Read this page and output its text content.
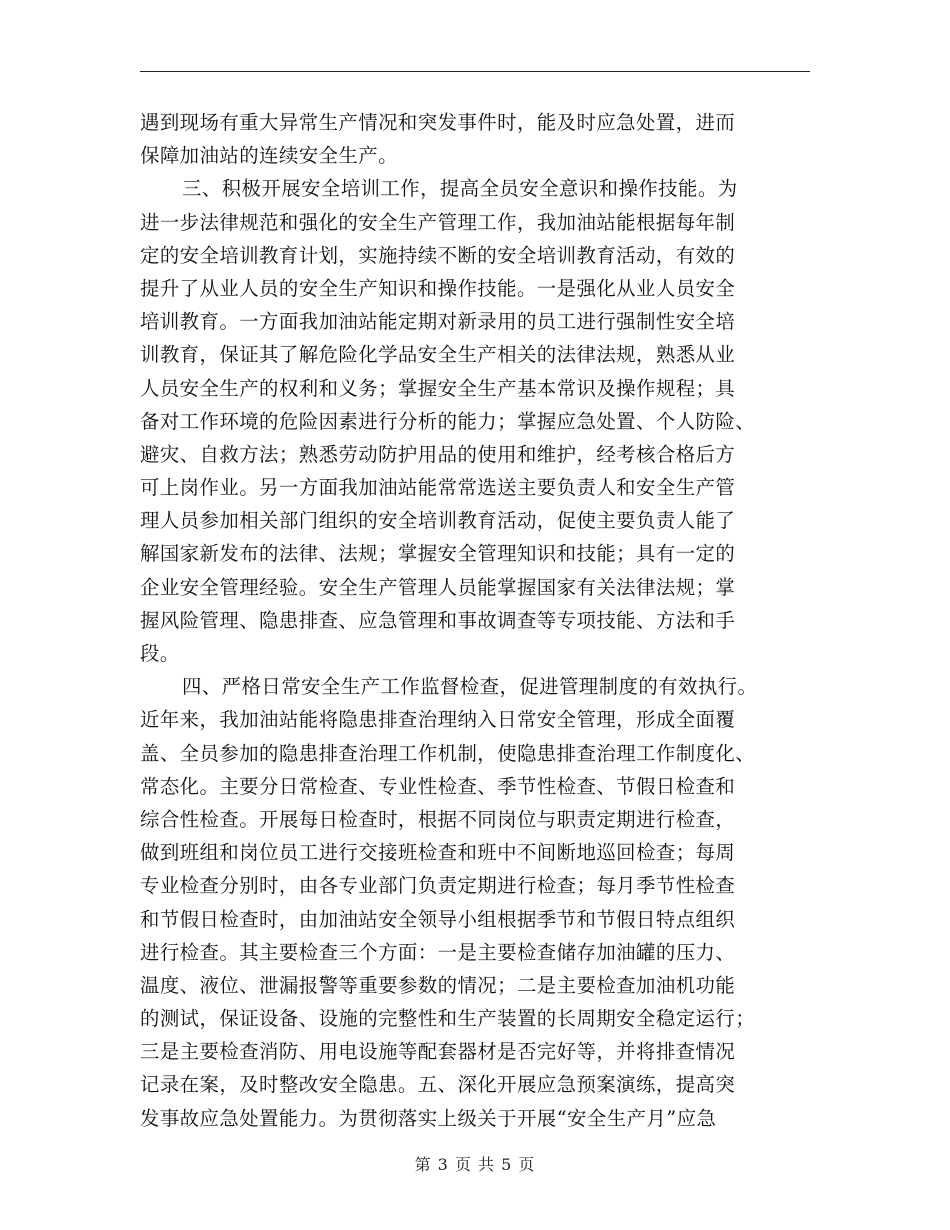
遇到现场有重大异常生产情况和突发事件时，能及时应急处置，进而
保障加油站的连续安全生产。
三、积极开展安全培训工作，提高全员安全意识和操作技能。为
进一步法律规范和强化的安全生产管理工作，我加油站能根据每年制
定的安全培训教育计划，实施持续不断的安全培训教育活动，有效的
提升了从业人员的安全生产知识和操作技能。一是强化从业人员安全
培训教育。一方面我加油站能定期对新录用的员工进行强制性安全培
训教育，保证其了解危险化学品安全生产相关的法律法规，熟悉从业
人员安全生产的权利和义务；掌握安全生产基本常识及操作规程；具
备对工作环境的危险因素进行分析的能力；掌握应急处置、个人防险、
避灾、自救方法；熟悉劳动防护用品的使用和维护，经考核合格后方
可上岗作业。另一方面我加油站能常常选送主要负责人和安全生产管
理人员参加相关部门组织的安全培训教育活动，促使主要负责人能了
解国家新发布的法律、法规；掌握安全管理知识和技能；具有一定的
企业安全管理经验。安全生产管理人员能掌握国家有关法律法规；掌
握风险管理、隐患排查、应急管理和事故调查等专项技能、方法和手
段。
四、严格日常安全生产工作监督检查，促进管理制度的有效执行。
近年来，我加油站能将隐患排查治理纳入日常安全管理，形成全面覆
盖、全员参加的隐患排查治理工作机制，使隐患排查治理工作制度化、
常态化。主要分日常检查、专业性检查、季节性检查、节假日检查和
综合性检查。开展每日检查时，根据不同岗位与职责定期进行检查，
做到班组和岗位员工进行交接班检查和班中不间断地巡回检查；每周
专业检查分别时，由各专业部门负责定期进行检查；每月季节性检查
和节假日检查时，由加油站安全领导小组根据季节和节假日特点组织
进行检查。其主要检查三个方面：一是主要检查储存加油罐的压力、
温度、液位、泄漏报警等重要参数的情况；二是主要检查加油机功能
的测试，保证设备、设施的完整性和生产装置的长周期安全稳定运行；
三是主要检查消防、用电设施等配套器材是否完好等，并将排查情况
记录在案，及时整改安全隐患。五、深化开展应急预案演练，提高突
发事故应急处置能力。为贯彻落实上级关于开展“安全生产月”应急
第 3 页 共 5 页
